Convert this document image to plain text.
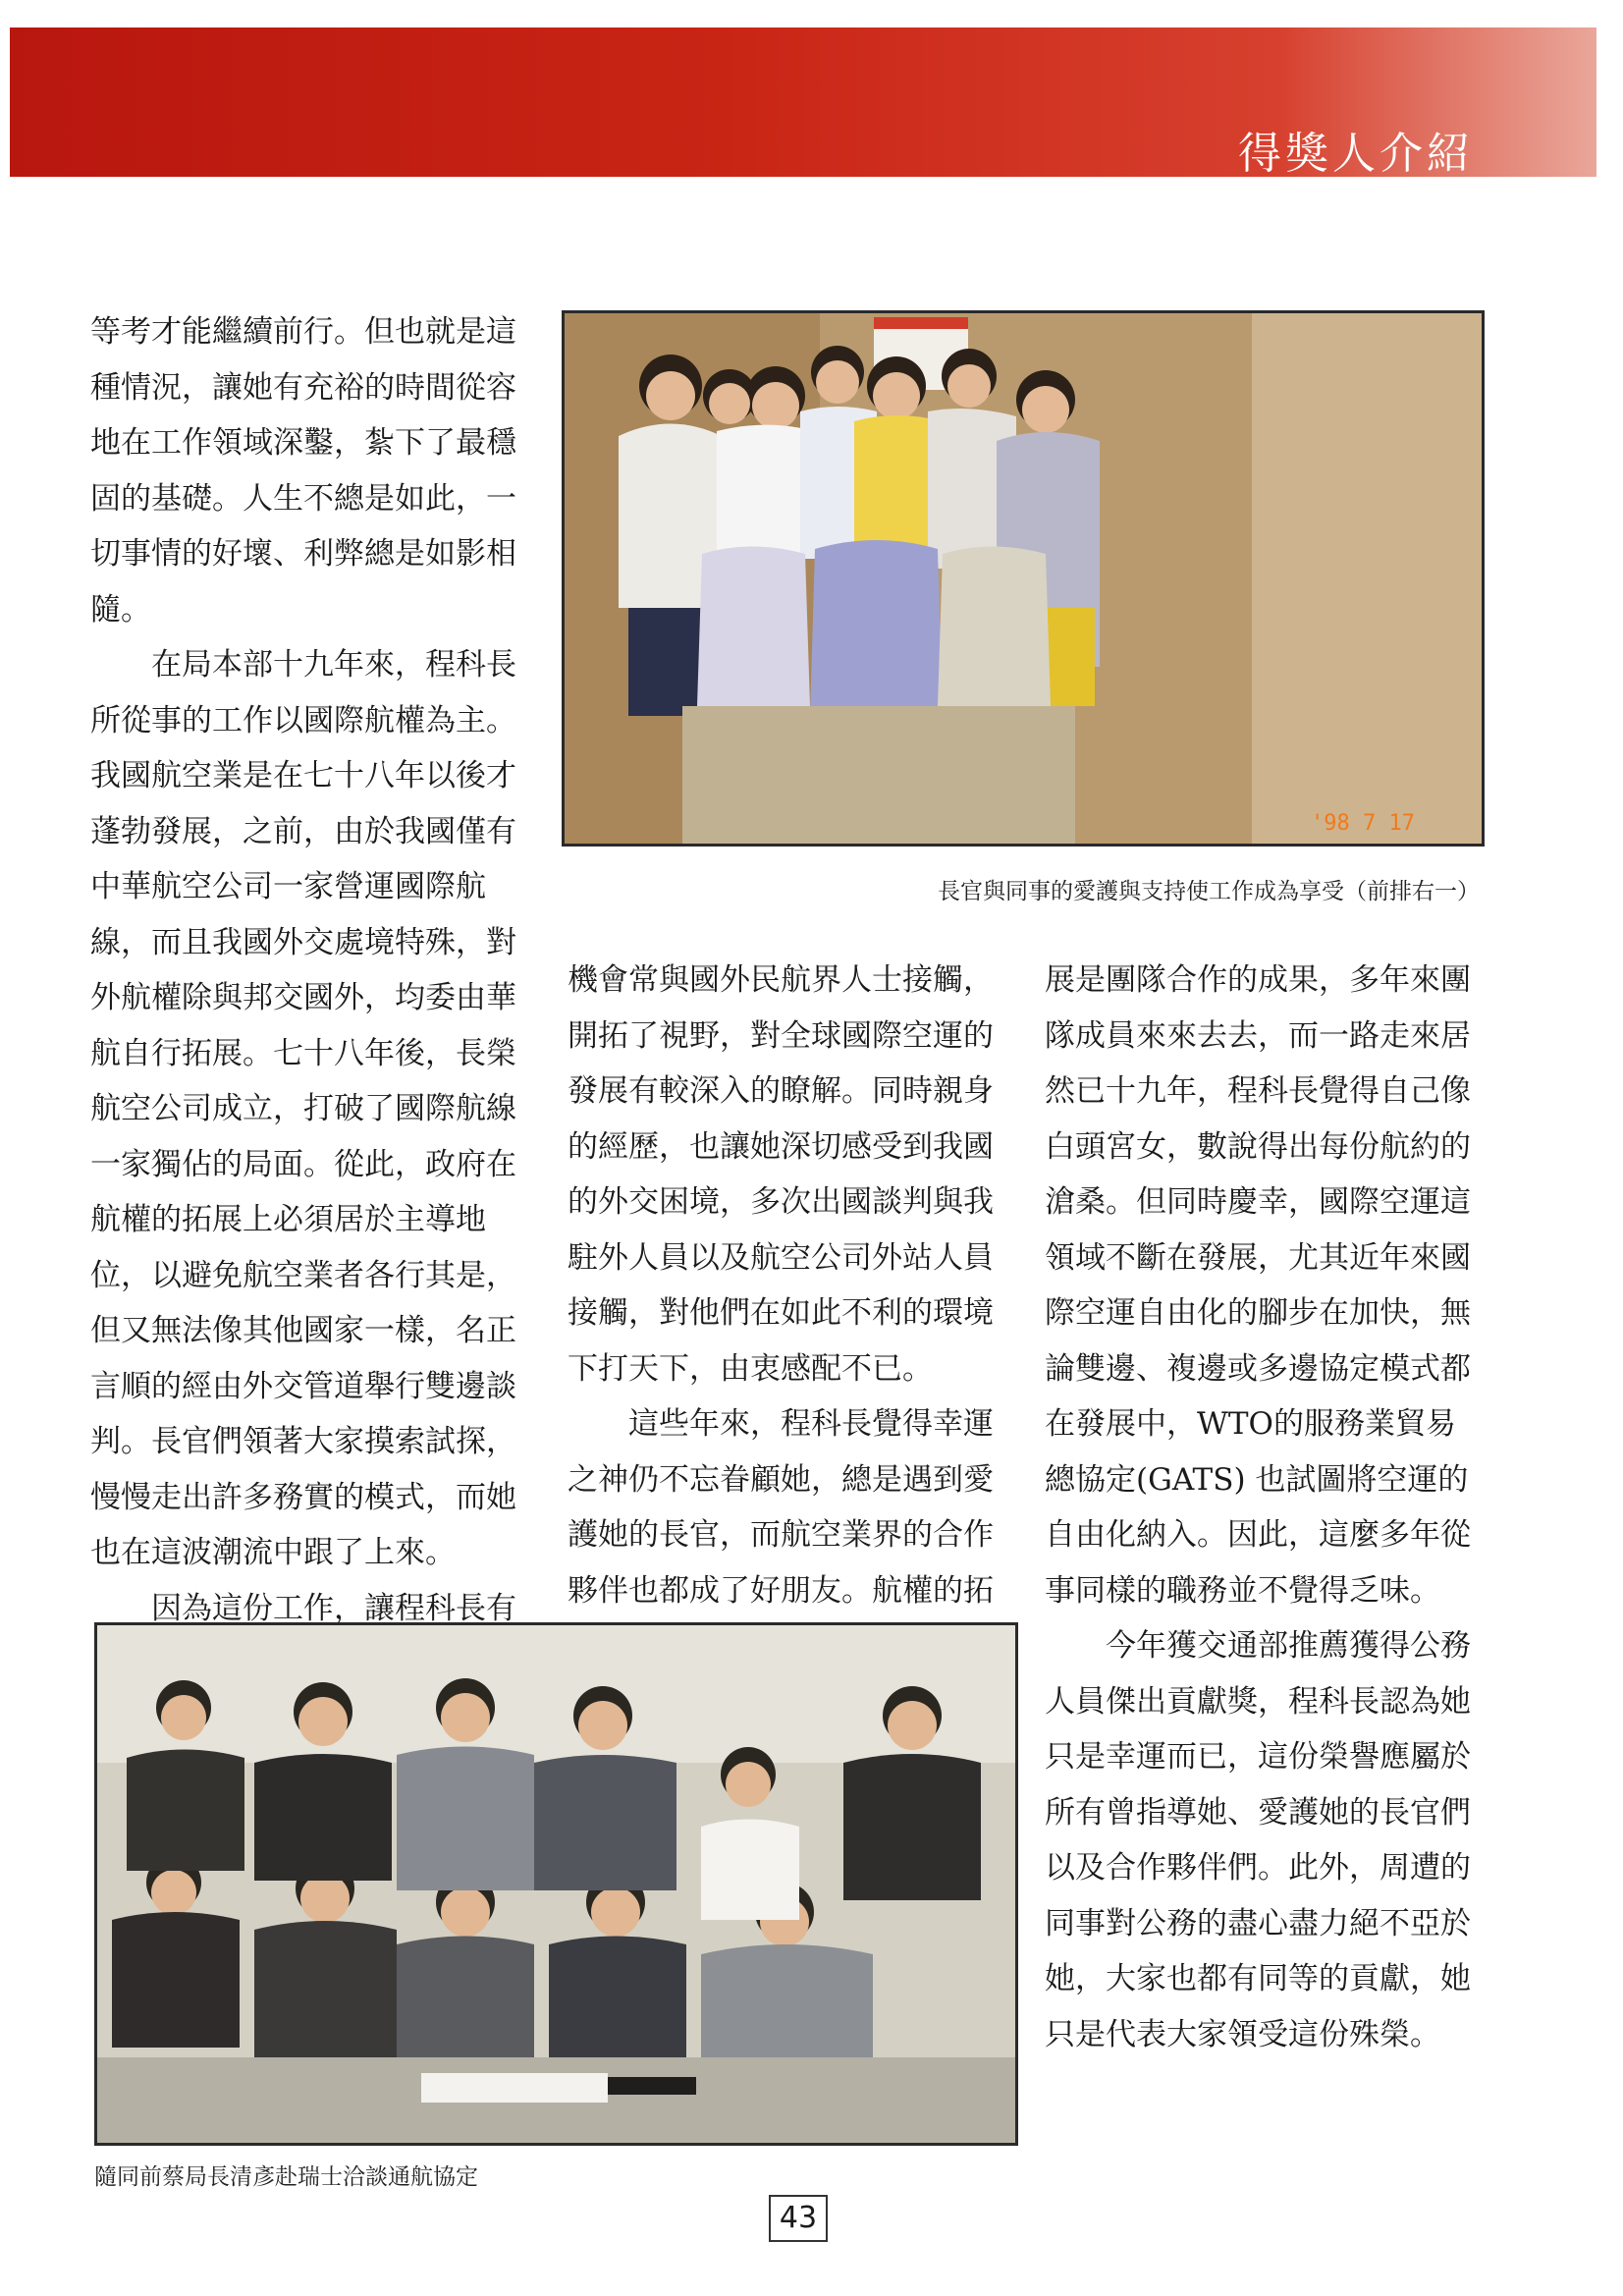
得獎人介紹

等考才能繼續前行。但也就是這種情況，讓她有充裕的時間從容地在工作領域深鑿，紮下了最穩固的基礎。人生不總是如此，一切事情的好壞、利弊總是如影相隨。

在局本部十九年來，程科長所從事的工作以國際航權為主。我國航空業是在七十八年以後才蓬勃發展，之前，由於我國僅有中華航空公司一家營運國際航線，而且我國外交處境特殊，對外航權除與邦交國外，均委由華航自行拓展。七十八年後，長榮航空公司成立，打破了國際航線一家獨佔的局面。從此，政府在航權的拓展上必須居於主導地位，以避免航空業者各行其是，但又無法像其他國家一樣，名正言順的經由外交管道舉行雙邊談判。長官們領著大家摸索試探，慢慢走出許多務實的模式，而她也在這波潮流中跟了上來。

因為這份工作，讓程科長有

'98 7 17
長官與同事的愛護與支持使工作成為享受（前排右一）

機會常與國外民航界人士接觸，開拓了視野，對全球國際空運的發展有較深入的瞭解。同時親身的經歷，也讓她深切感受到我國的外交困境，多次出國談判與我駐外人員以及航空公司外站人員接觸，對他們在如此不利的環境下打天下，由衷感配不已。

這些年來，程科長覺得幸運之神仍不忘眷顧她，總是遇到愛護她的長官，而航空業界的合作夥伴也都成了好朋友。航權的拓

展是團隊合作的成果，多年來團隊成員來來去去，而一路走來居然已十九年，程科長覺得自己像白頭宮女，數說得出每份航約的滄桑。但同時慶幸，國際空運這領域不斷在發展，尤其近年來國際空運自由化的腳步在加快，無論雙邊、複邊或多邊協定模式都在發展中，WTO的服務業貿易總協定(GATS) 也試圖將空運的自由化納入。因此，這麼多年從事同樣的職務並不覺得乏味。

今年獲交通部推薦獲得公務人員傑出貢獻獎，程科長認為她只是幸運而已，這份榮譽應屬於所有曾指導她、愛護她的長官們以及合作夥伴們。此外，周遭的同事對公務的盡心盡力絕不亞於她，大家也都有同等的貢獻，她只是代表大家領受這份殊榮。

隨同前蔡局長清彥赴瑞士洽談通航協定
43
